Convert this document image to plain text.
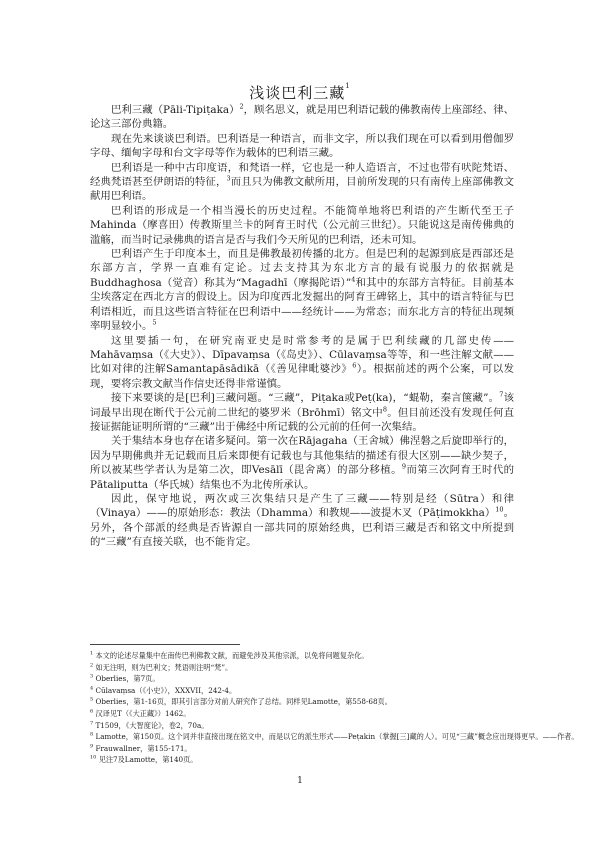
浅谈巴利三藏$^1$

巴利三藏（Pāli-Tipiṭaka）$^2$，顾名思义，就是用巴利语记载的佛教南传上座部经、律、论这三部份典籍。

现在先来谈谈巴利语。巴利语是一种语言，而非文字，所以我们现在可以看到用僧伽罗字母、缅甸字母和台文字母等作为载体的巴利语三藏。

巴利语是一种中古印度语，和梵语一样，它也是一种人造语言，不过也带有吠陀梵语、经典梵语甚至伊朗语的特征，$^3$而且只为佛教文献所用，目前所发现的只有南传上座部佛教文献用巴利语。

巴利语的形成是一个相当漫长的历史过程。不能简单地将巴利语的产生断代至王子 Mahinda（摩喜田）传教斯里兰卡的阿育王时代（公元前三世纪）。只能说这是南传佛典的滥觞，而当时记录佛典的语言是否与我们今天所见的巴利语，还未可知。

巴利语产生于印度本土，而且是佛教最初传播的北方。但是巴利的起源到底是西部还是东部方言，学界一直难有定论。过去支持其为东北方言的最有说服力的依据就是Buddhaghosa（觉音）称其为“Magadhī（摩揭陀语）”$^4$和其中的东部方言特征。目前基本尘埃落定在西北方言的假设上。因为印度西北发掘出的阿育王碑铭上，其中的语言特征与巴利语相近，而且这些语言特征在巴利语中——经统计——为常态；而东北方言的特征出现频率明显较小。$^5$

这里要插一句，在研究南亚史是时常参考的是属于巴利续藏的几部史传——Mahāvaṃsa（《大史》）、Dīpavaṃsa（《岛史》）、Cūlavaṃsa等等，和一些注解文献——比如对律的注解Samantapāsādikā（《善见律毗婆沙》$^6$）。根据前述的两个公案，可以发现，要将宗教文献当作信史还得非常谨慎。

接下来要谈的是[巴利]三藏问题。“三藏”，Piṭaka或Peṭ(ka)，“蜫勒，秦言箧藏”。$^7$该词最早出现在断代于公元前二世纪的婆罗米（Brōhmī）铭文中$^8$。但目前还没有发现任何直接证据能证明所谓的“三藏”出于佛经中所记载的公元前的任何一次集结。

关于集结本身也存在诸多疑问。第一次在Rājagaha（王舍城）佛涅磐之后旋即举行的，因为早期佛典并无记载而且后来即便有记载也与其他集结的描述有很大区别——缺少契子，所以被某些学者认为是第二次，即Vesālī（毘舍离）的部分移植。$^9$而第三次阿育王时代的Pātaliputta（华氏城）结集也不为北传所承认。

因此，保守地说，两次或三次集结只是产生了三藏——特别是经（Sūtra）和律（Vinaya）——的原始形态：教法（Dhamma）和教规——波提木叉（Pāṭimokkha）$^{10}$。另外，各个部派的经典是否皆源自一部共同的原始经典，巴利语三藏是否和铭文中所提到的“三藏”有直接关联，也不能肯定。

$^1$ 本文的论述尽量集中在南传巴利佛教文献，而避免涉及其他宗派，以免将问题复杂化。
$^2$ 如无注明，则为巴利文；梵语则注明“梵”。
$^3$ Oberlies，第7页。
$^4$ Cūlavaṃsa（《小史》），XXXVII，242-4。
$^5$ Oberlies，第1-16页，即其引言部分对前人研究作了总结。同样见Lamotte，第558-68页。
$^6$ 汉译见T（《大正藏》）1462。
$^7$ T1509，《大智度论》，卷2，70a。
$^8$ Lamotte，第150页。这个词并非直接出现在铭文中，而是以它的派生形式——Peṭakin（掌握[三]藏的人）。可见“三藏”概念应出现得更早。——作者。
$^9$ Frauwallner，第155-171。
$^{10}$ 见注7及Lamotte，第140页。
1
